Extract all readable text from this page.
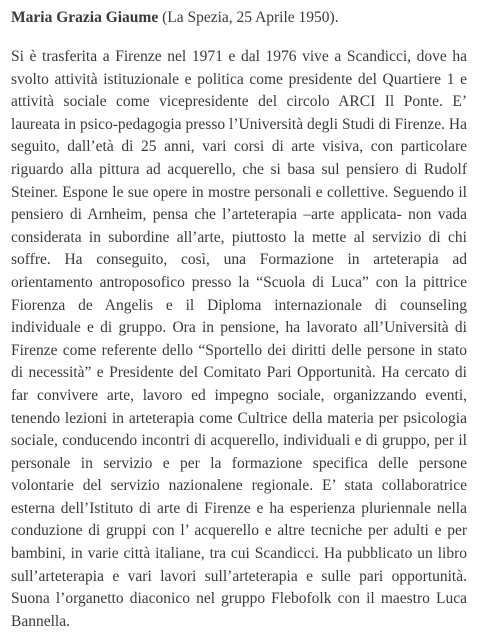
Maria Grazia Giaume (La Spezia, 25 Aprile 1950).

Si è trasferita a Firenze nel 1971 e dal 1976 vive a Scandicci, dove ha svolto attività istituzionale e politica come presidente del Quartiere 1 e attività sociale come vicepresidente del circolo ARCI Il Ponte. E’ laureata in psico-pedagogia presso l’Università degli Studi di Firenze. Ha seguito, dall’età di 25 anni, vari corsi di arte visiva, con particolare riguardo alla pittura ad acquerello, che si basa sul pensiero di Rudolf Steiner. Espone le sue opere in mostre personali e collettive. Seguendo il pensiero di Arnheim, pensa che l’arteterapia –arte applicata- non vada considerata in subordine all’arte, piuttosto la mette al servizio di chi soffre. Ha conseguito, così, una Formazione in arteterapia ad orientamento antroposofico presso la “Scuola di Luca” con la pittrice Fiorenza de Angelis e il Diploma internazionale di counseling individuale e di gruppo. Ora in pensione, ha lavorato all’Università di Firenze come referente dello “Sportello dei diritti delle persone in stato di necessità” e Presidente del Comitato Pari Opportunità. Ha cercato di far convivere arte, lavoro ed impegno sociale, organizzando eventi, tenendo lezioni in arteterapia come Cultrice della materia per psicologia sociale, conducendo incontri di acquerello, individuali e di gruppo, per il personale in servizio e per la formazione specifica delle persone volontarie del servizio nazionalene regionale. E’ stata collaboratrice esterna dell’Istituto di arte di Firenze e ha esperienza pluriennale nella conduzione di gruppi con l’ acquerello e altre tecniche per adulti e per bambini, in varie città italiane, tra cui Scandicci. Ha pubblicato un libro sull’arteterapia e vari lavori sull’arteterapia e sulle pari opportunità. Suona l’organetto diaconico nel gruppo Flebofolk con il maestro Luca Bannella.
